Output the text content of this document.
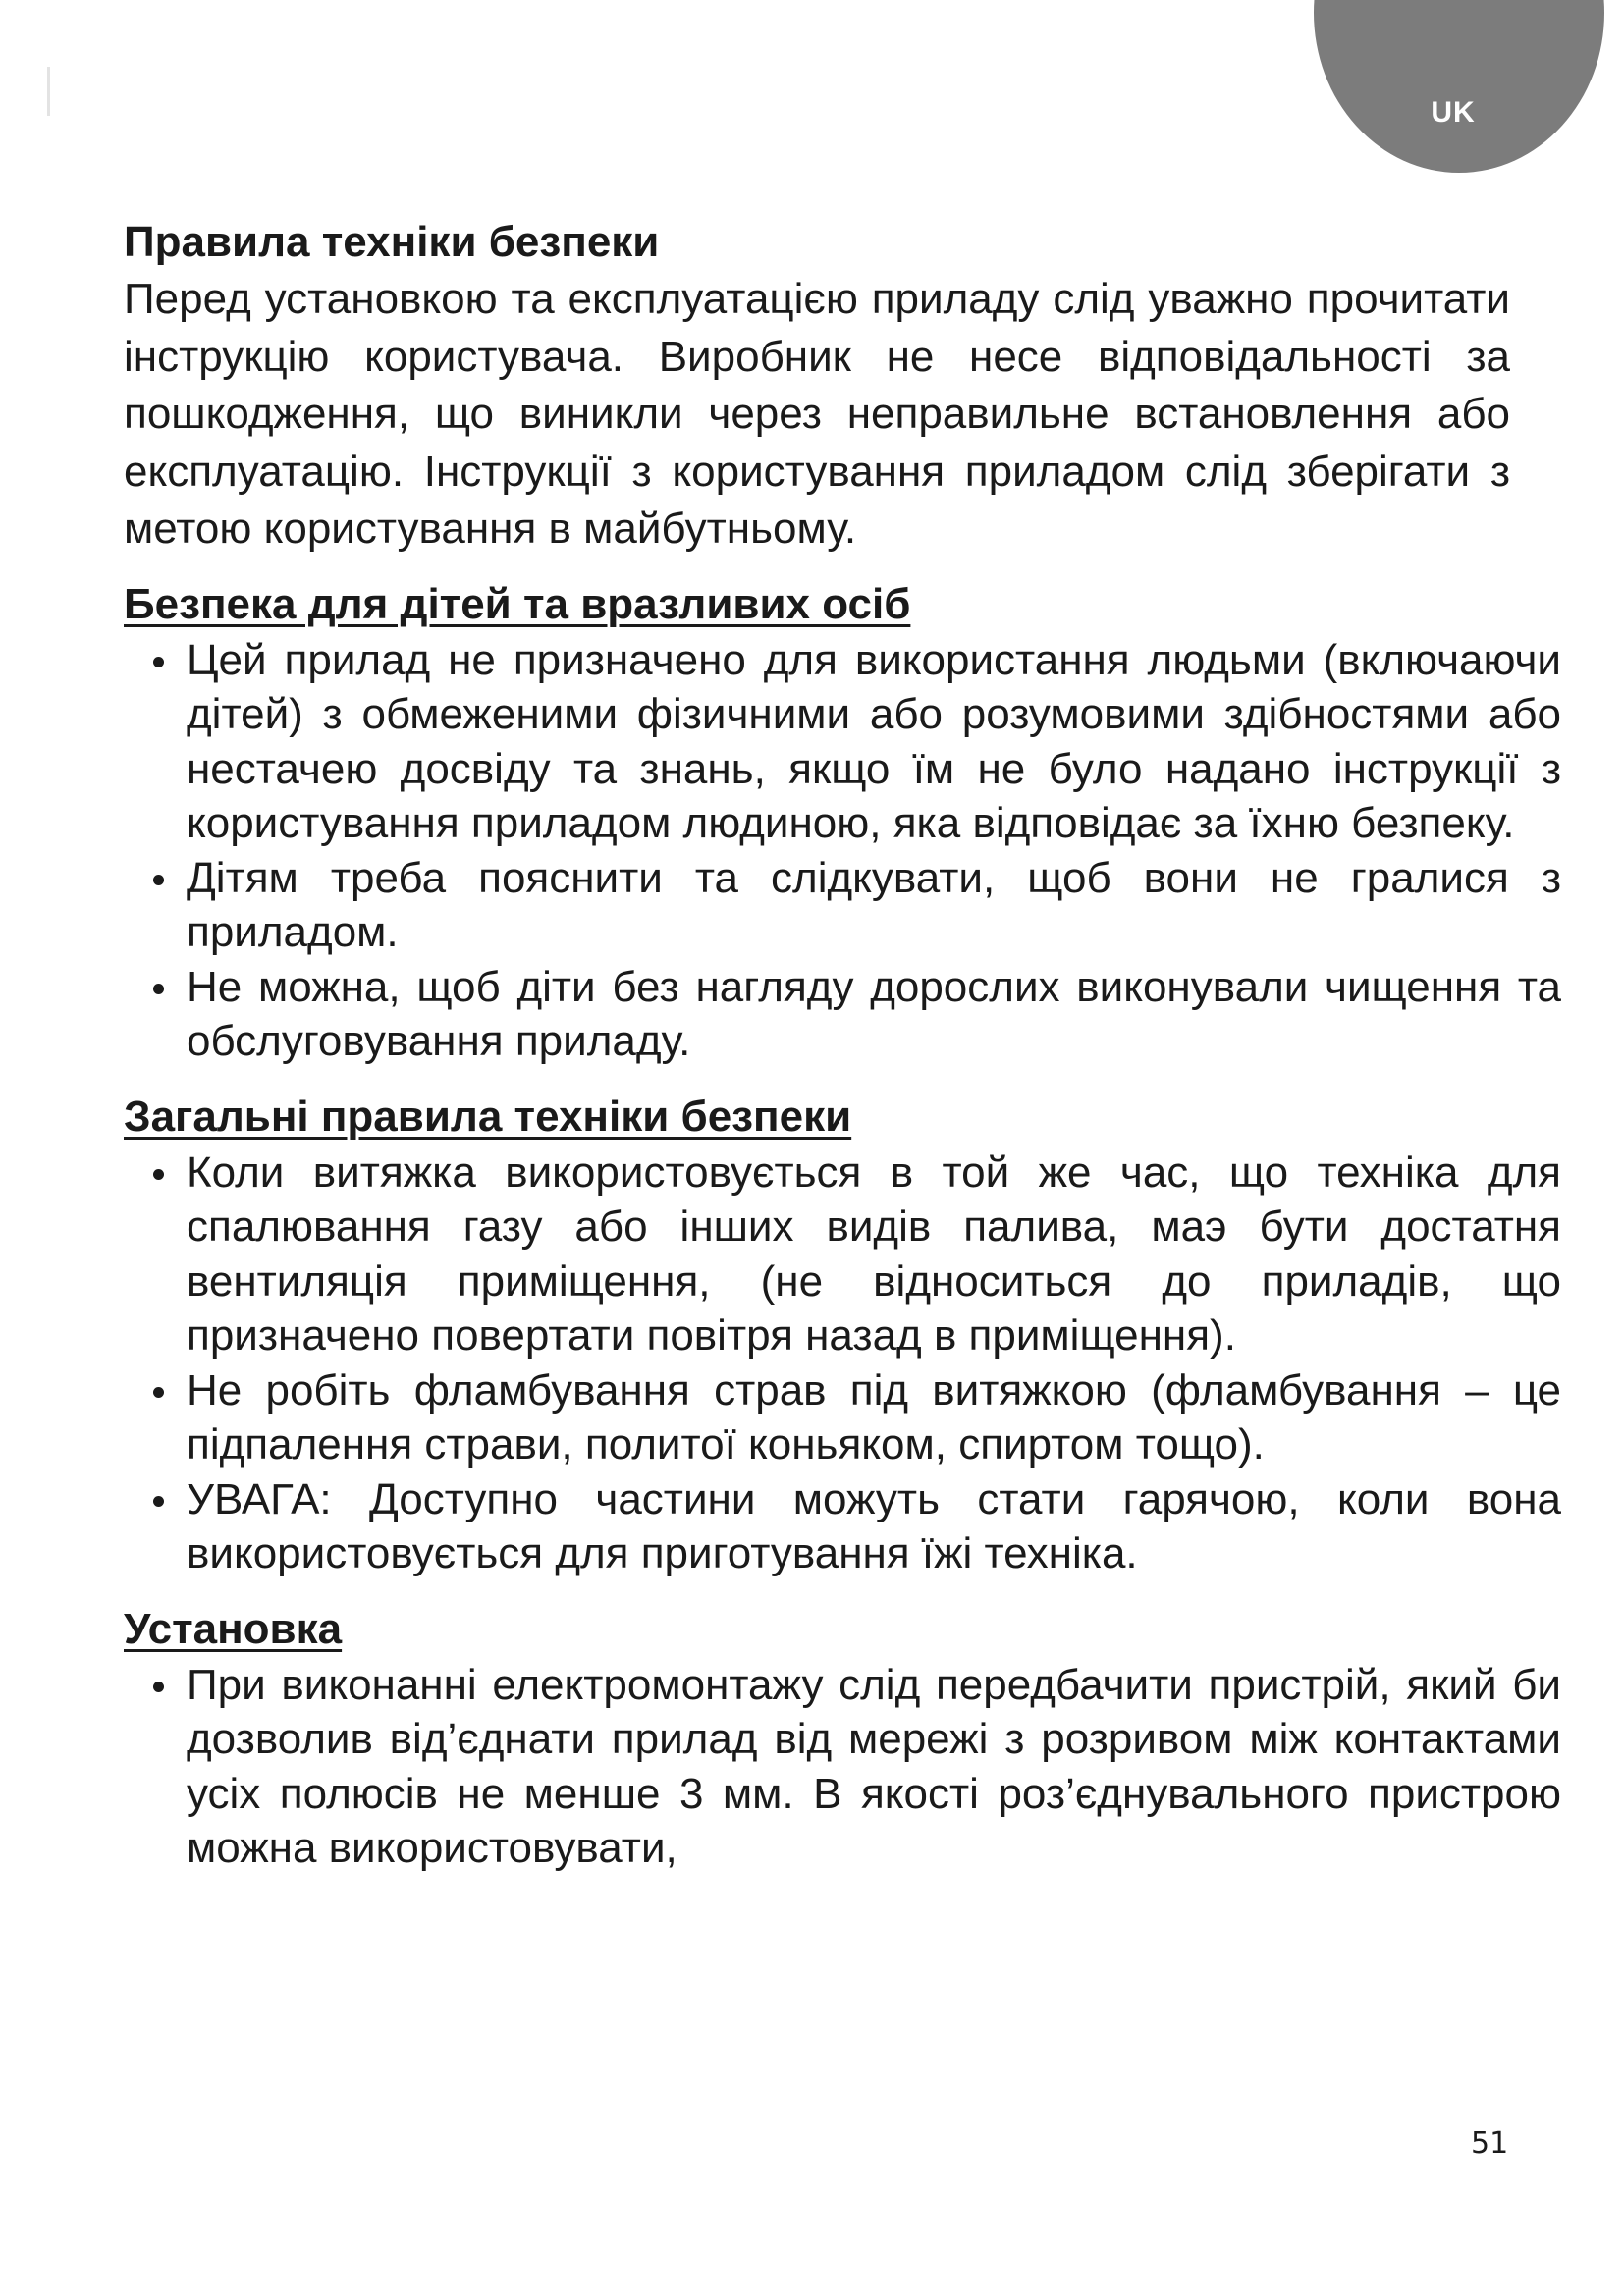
UK
Правила техніки безпеки

Перед установкою та експлуатацією приладу слід уважно прочитати інструкцію користувача. Виробник не несе відповідальності за пошкодження, що виникли через неправильне встановлення або експлуатацію. Інструкції з користування приладом слід зберігати з метою користування в майбутньому.

Безпека для дітей та вразливих осіб
Цей прилад не призначено для використання людьми (включаючи дітей) з обмеженими фізичними або розумовими здібностями або нестачею досвіду та знань, якщо їм не було надано інструкції з користування приладом людиною, яка відповідає за їхню безпеку.
Дітям треба пояснити та слідкувати, щоб вони не гралися з приладом.
Не можна, щоб діти без нагляду дорослих виконували чищення та обслуговування приладу.
Загальні правила техніки безпеки
Коли витяжка використовується в той же час, що техніка для спалювання газу або інших видів палива, маэ бути достатня вентиляція приміщення, (не відноситься до приладів, що призначено повертати повітря назад в приміщення).
Не робіть фламбування страв під витяжкою (фламбування – це підпалення страви, политої коньяком, спиртом тощо).
УВАГА: Доступно частини можуть стати гарячою, коли вона використовується для приготування їжі техніка.
Установка
При виконанні електромонтажу слід передбачити пристрій, який би дозволив від’єднати прилад від мережі з розривом між контактами усіх полюсів не менше 3 мм. В якості роз’єднувального пристрою можна використовувати,
51
